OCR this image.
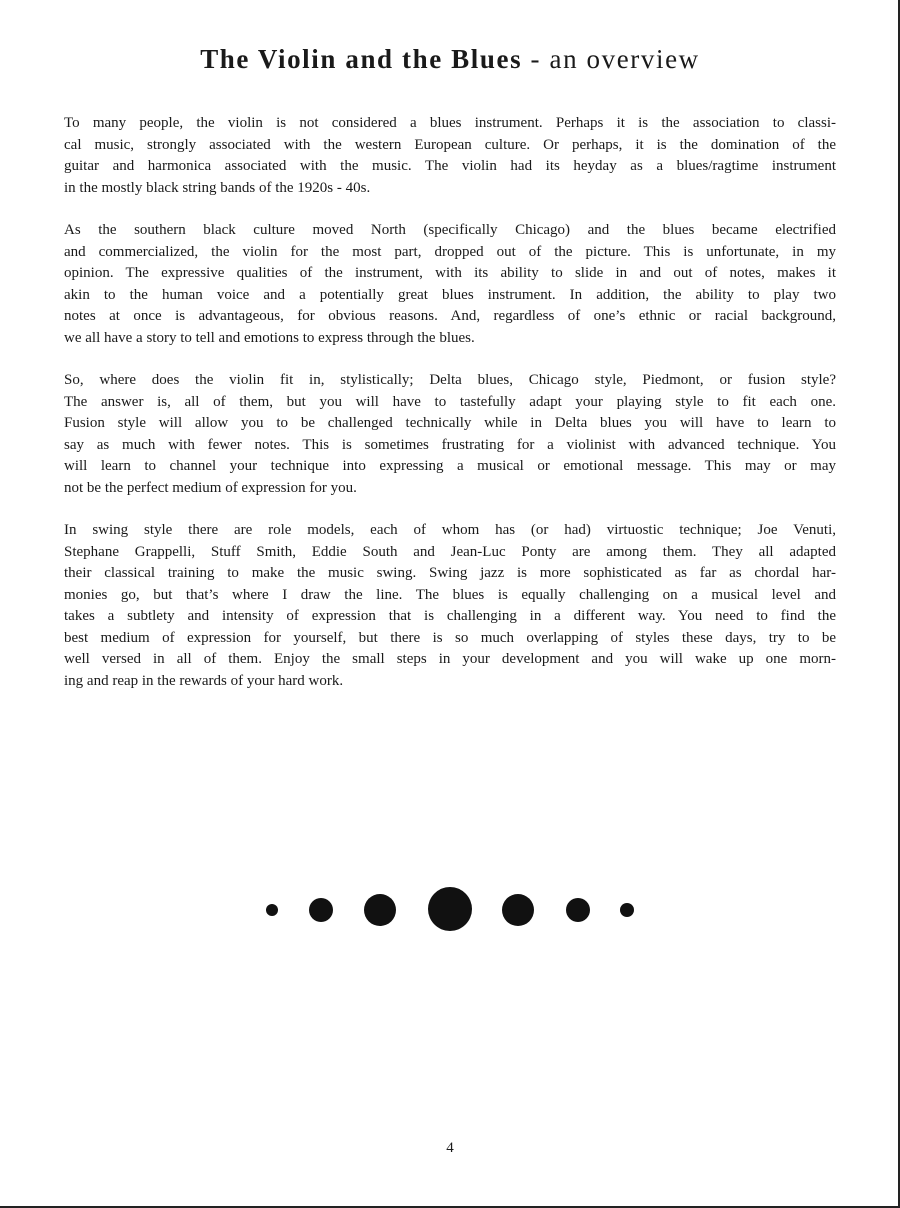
The Violin and the Blues - an overview
To many people, the violin is not considered a blues instrument. Perhaps it is the association to classi-
cal music, strongly associated with the western European culture. Or perhaps, it is the domination of the
guitar and harmonica associated with the music. The violin had its heyday as a blues/ragtime instrument
in the mostly black string bands of the 1920s - 40s.
As the southern black culture moved North (specifically Chicago) and the blues became electrified
and commercialized, the violin for the most part, dropped out of the picture. This is unfortunate, in my
opinion. The expressive qualities of the instrument, with its ability to slide in and out of notes, makes it
akin to the human voice and a potentially great blues instrument. In addition, the ability to play two
notes at once is advantageous, for obvious reasons. And, regardless of one’s ethnic or racial background,
we all have a story to tell and emotions to express through the blues.
So, where does the violin fit in, stylistically; Delta blues, Chicago style, Piedmont, or fusion style?
The answer is, all of them, but you will have to tastefully adapt your playing style to fit each one.
Fusion style will allow you to be challenged technically while in Delta blues you will have to learn to
say as much with fewer notes. This is sometimes frustrating for a violinist with advanced technique. You
will learn to channel your technique into expressing a musical or emotional message. This may or may
not be the perfect medium of expression for you.
In swing style there are role models, each of whom has (or had) virtuostic technique; Joe Venuti,
Stephane Grappelli, Stuff Smith, Eddie South and Jean-Luc Ponty are among them. They all adapted
their classical training to make the music swing. Swing jazz is more sophisticated as far as chordal har-
monies go, but that’s where I draw the line. The blues is equally challenging on a musical level and
takes a subtlety and intensity of expression that is challenging in a different way. You need to find the
best medium of expression for yourself, but there is so much overlapping of styles these days, try to be
well versed in all of them. Enjoy the small steps in your development and you will wake up one morn-
ing and reap in the rewards of your hard work.
4
